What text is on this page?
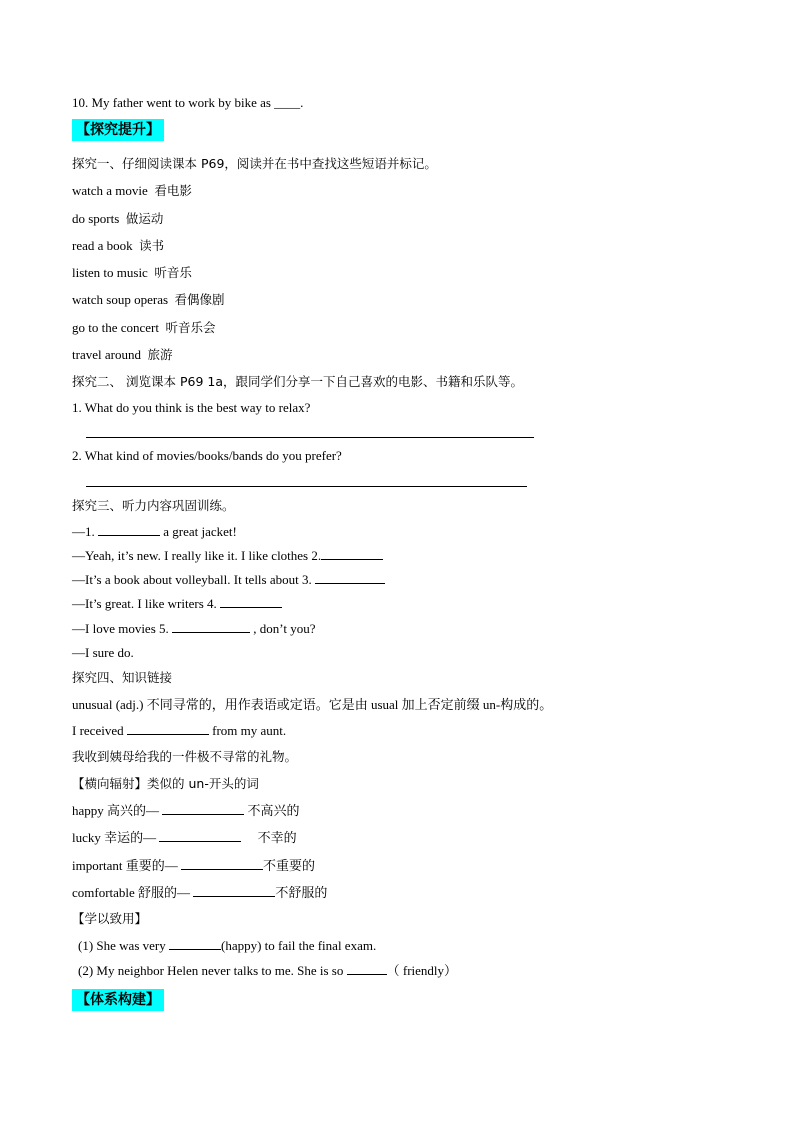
10. My father went to work by bike as ____.
【探究提升】
探究一、仔细阅读课本 P69，阅读并在书中查找这些短语并标记。
watch a movie 看电影
do sports 做运动
read a book 读书
listen to music 听音乐
watch soup operas 看偶像剧
go to the concert 听音乐会
travel around 旅游
探究二、 浏览课本 P69 1a，跟同学们分享一下自己喜欢的电影、书籍和乐队等。
1. What do you think is the best way to relax?
2. What kind of movies/books/bands do you prefer?
探究三、听力内容巩固训练。
—1.	a great jacket!
—Yeah, it’s new. I really like it. I like clothes 2.
—It’s a book about volleyball. It tells about 3.
—It’s great. I like writers 4.
—I love movies 5.	, don’t you?
—I sure do.
探究四、知识链接
unusual (adj.) 不同寻常的，用作表语或定语。它是由 usual 加上否定前缀 un-构成的。
I received	from my aunt.
我收到姨母给我的一件极不寻常的礼物。
【横向辐射】类似的 un-开头的词
happy 高兴的—	不高兴的
lucky 幸运的—	不幸的
important 重要的—	不重要的
comfortable 舒服的—	不舒服的
【学以致用】
(1) She was very	(happy) to fail the final exam.
(2) My neighbor Helen never talks to me. She is so	（ friendly）
【体系构建】
